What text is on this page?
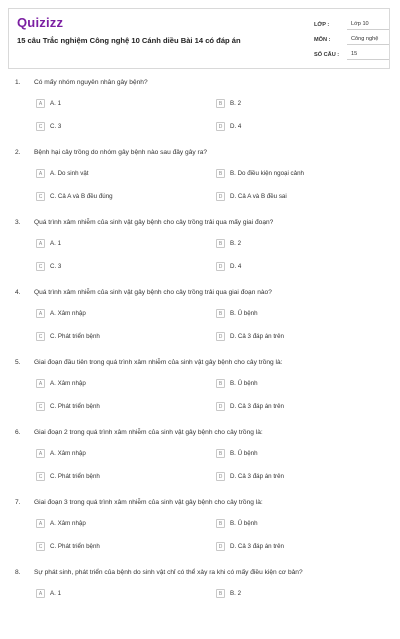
Quizizz
15 câu Trắc nghiệm Công nghệ 10 Cánh diều Bài 14 có đáp án
LỚP :	Lớp 10
MÔN :	Công nghệ
SỐ CÂU :	15
1. Có mấy nhóm nguyên nhân gây bệnh?
A	A. 1	B	B. 2
C	C. 3	D	D. 4
2. Bệnh hại cây trồng do nhóm gây bệnh nào sau đây gây ra?
A	A. Do sinh vật	B	B. Do điều kiện ngoại cảnh
C	C. Cả A và B đều đúng	D	D. Cả A và B đều sai
3. Quá trình xâm nhiễm của sinh vật gây bệnh cho cây trồng trải qua mấy giai đoạn?
A	A. 1	B	B. 2
C	C. 3	D	D. 4
4. Quá trình xâm nhiễm của sinh vật gây bệnh cho cây trồng trải qua giai đoạn nào?
A	A. Xâm nhập	B	B. Ủ bệnh
C	C. Phát triển bệnh	D	D. Cả 3 đáp án trên
5. Giai đoạn đầu tiên trong quá trình xâm nhiễm của sinh vật gây bệnh cho cây trồng là:
A	A. Xâm nhập	B	B. Ủ bệnh
C	C. Phát triển bệnh	D	D. Cả 3 đáp án trên
6. Giai đoạn 2 trong quá trình xâm nhiễm của sinh vật gây bệnh cho cây trồng là:
A	A. Xâm nhập	B	B. Ủ bệnh
C	C. Phát triển bệnh	D	D. Cả 3 đáp án trên
7. Giai đoạn 3 trong quá trình xâm nhiễm của sinh vật gây bệnh cho cây trồng là:
A	A. Xâm nhập	B	B. Ủ bệnh
C	C. Phát triển bệnh	D	D. Cả 3 đáp án trên
8. Sự phát sinh, phát triển của bệnh do sinh vật chỉ có thể xảy ra khi có mấy điều kiện cơ bản?
A	A. 1	B	B. 2
